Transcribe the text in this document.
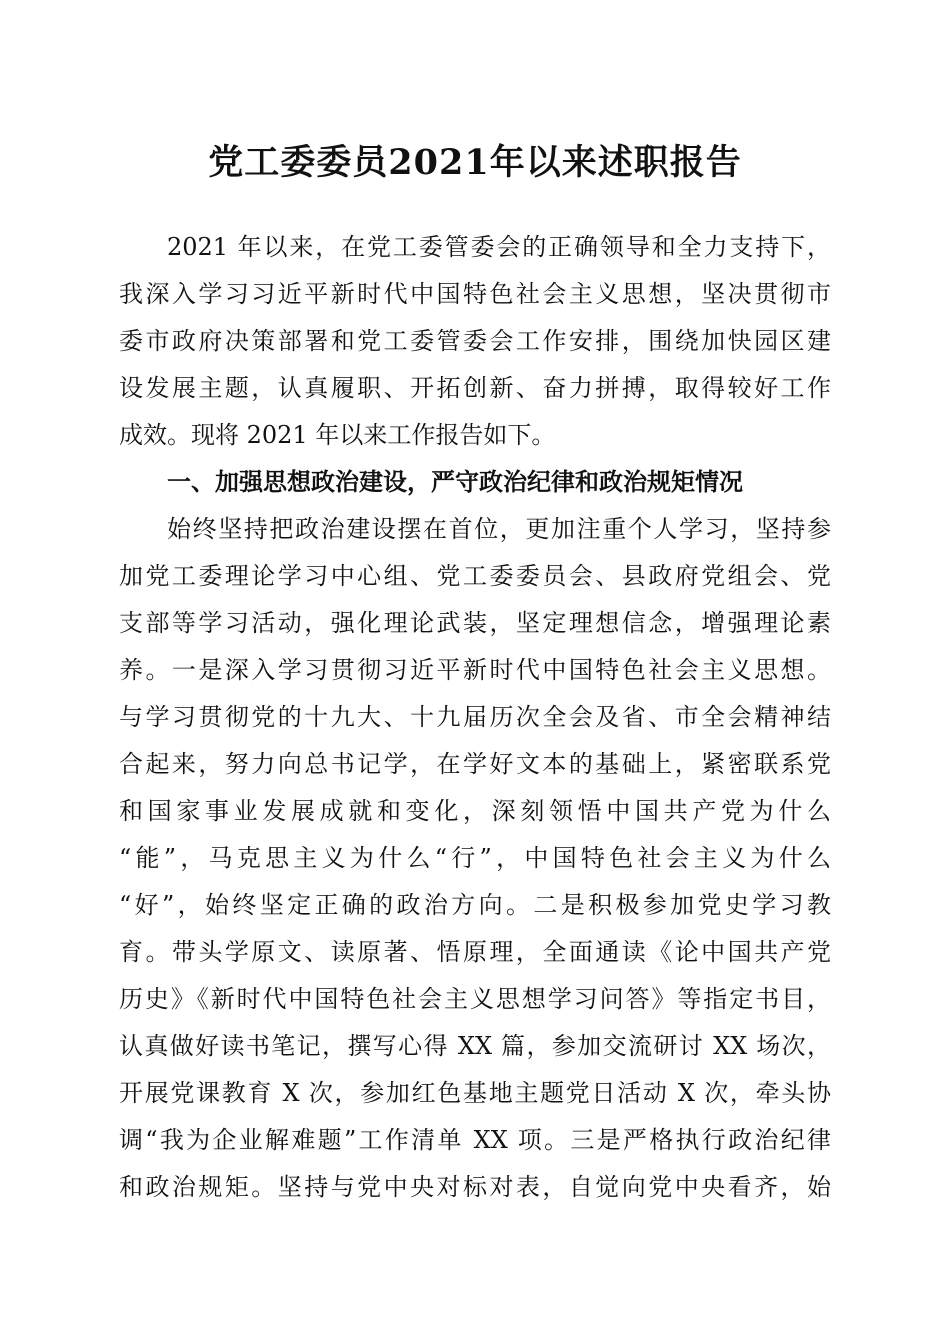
党工委委员2021年以来述职报告
2021 年以来，在党工委管委会的正确领导和全力支持下，
我深入学习习近平新时代中国特色社会主义思想，坚决贯彻市
委市政府决策部署和党工委管委会工作安排，围绕加快园区建
设发展主题，认真履职、开拓创新、奋力拼搏，取得较好工作
成效。现将 2021 年以来工作报告如下。
一、加强思想政治建设，严守政治纪律和政治规矩情况
始终坚持把政治建设摆在首位，更加注重个人学习，坚持参
加党工委理论学习中心组、党工委委员会、县政府党组会、党
支部等学习活动，强化理论武装，坚定理想信念，增强理论素
养。一是深入学习贯彻习近平新时代中国特色社会主义思想。
与学习贯彻党的十九大、十九届历次全会及省、市全会精神结
合起来，努力向总书记学，在学好文本的基础上，紧密联系党
和国家事业发展成就和变化，深刻领悟中国共产党为什么
“能”，马克思主义为什么“行”，中国特色社会主义为什么
“好”，始终坚定正确的政治方向。二是积极参加党史学习教
育。带头学原文、读原著、悟原理，全面通读《论中国共产党
历史》《新时代中国特色社会主义思想学习问答》等指定书目，
认真做好读书笔记，撰写心得 XX 篇，参加交流研讨 XX 场次，
开展党课教育 X 次，参加红色基地主题党日活动 X 次，牵头协
调“我为企业解难题”工作清单 XX 项。三是严格执行政治纪律
和政治规矩。坚持与党中央对标对表，自觉向党中央看齐，始
